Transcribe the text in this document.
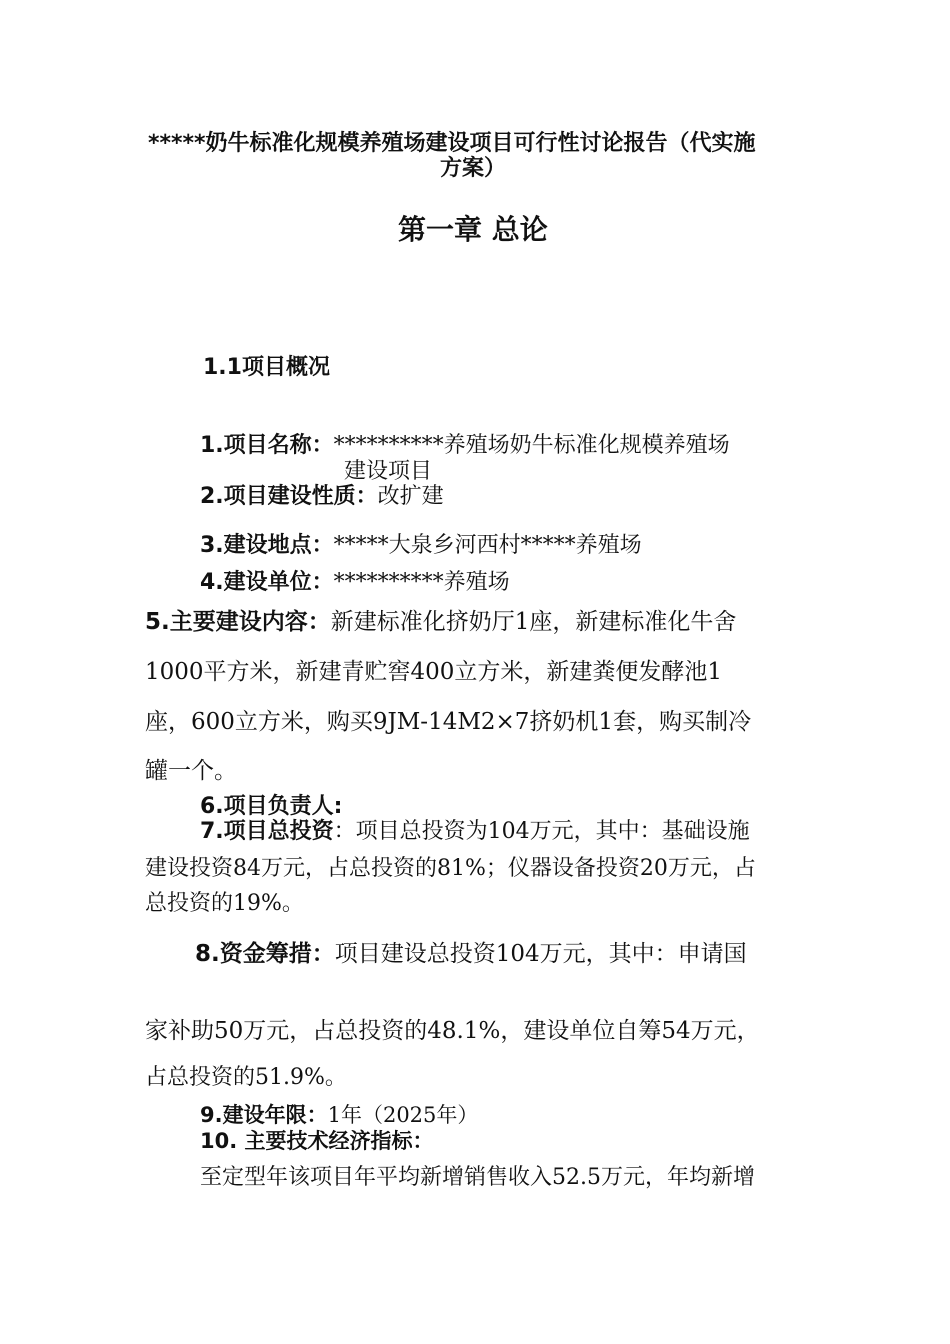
*****奶牛标准化规模养殖场建设项目可行性讨论报告（代实施
方案）
第一章 总论
1.1项目概况
1.项目名称：**********养殖场奶牛标准化规模养殖场
建设项目
2.项目建设性质：改扩建
3.建设地点：*****大泉乡河西村*****养殖场
4.建设单位：**********养殖场
5.主要建设内容：新建标准化挤奶厅1座，新建标准化牛舍
1000平方米，新建青贮窖400立方米，新建粪便发酵池1
座，600立方米，购买9JM-14M2×7挤奶机1套，购买制冷
罐一个。
6.项目负责人:
7.项目总投资：项目总投资为104万元，其中：基础设施
建设投资84万元，占总投资的81%；仪器设备投资20万元，占
总投资的19%。
8.资金筹措：项目建设总投资104万元，其中：申请国
家补助50万元，占总投资的48.1%，建设单位自筹54万元，
占总投资的51.9%。
9.建设年限：1年（2025年）
10. 主要技术经济指标：
至定型年该项目年平均新增销售收入52.5万元，年均新增
